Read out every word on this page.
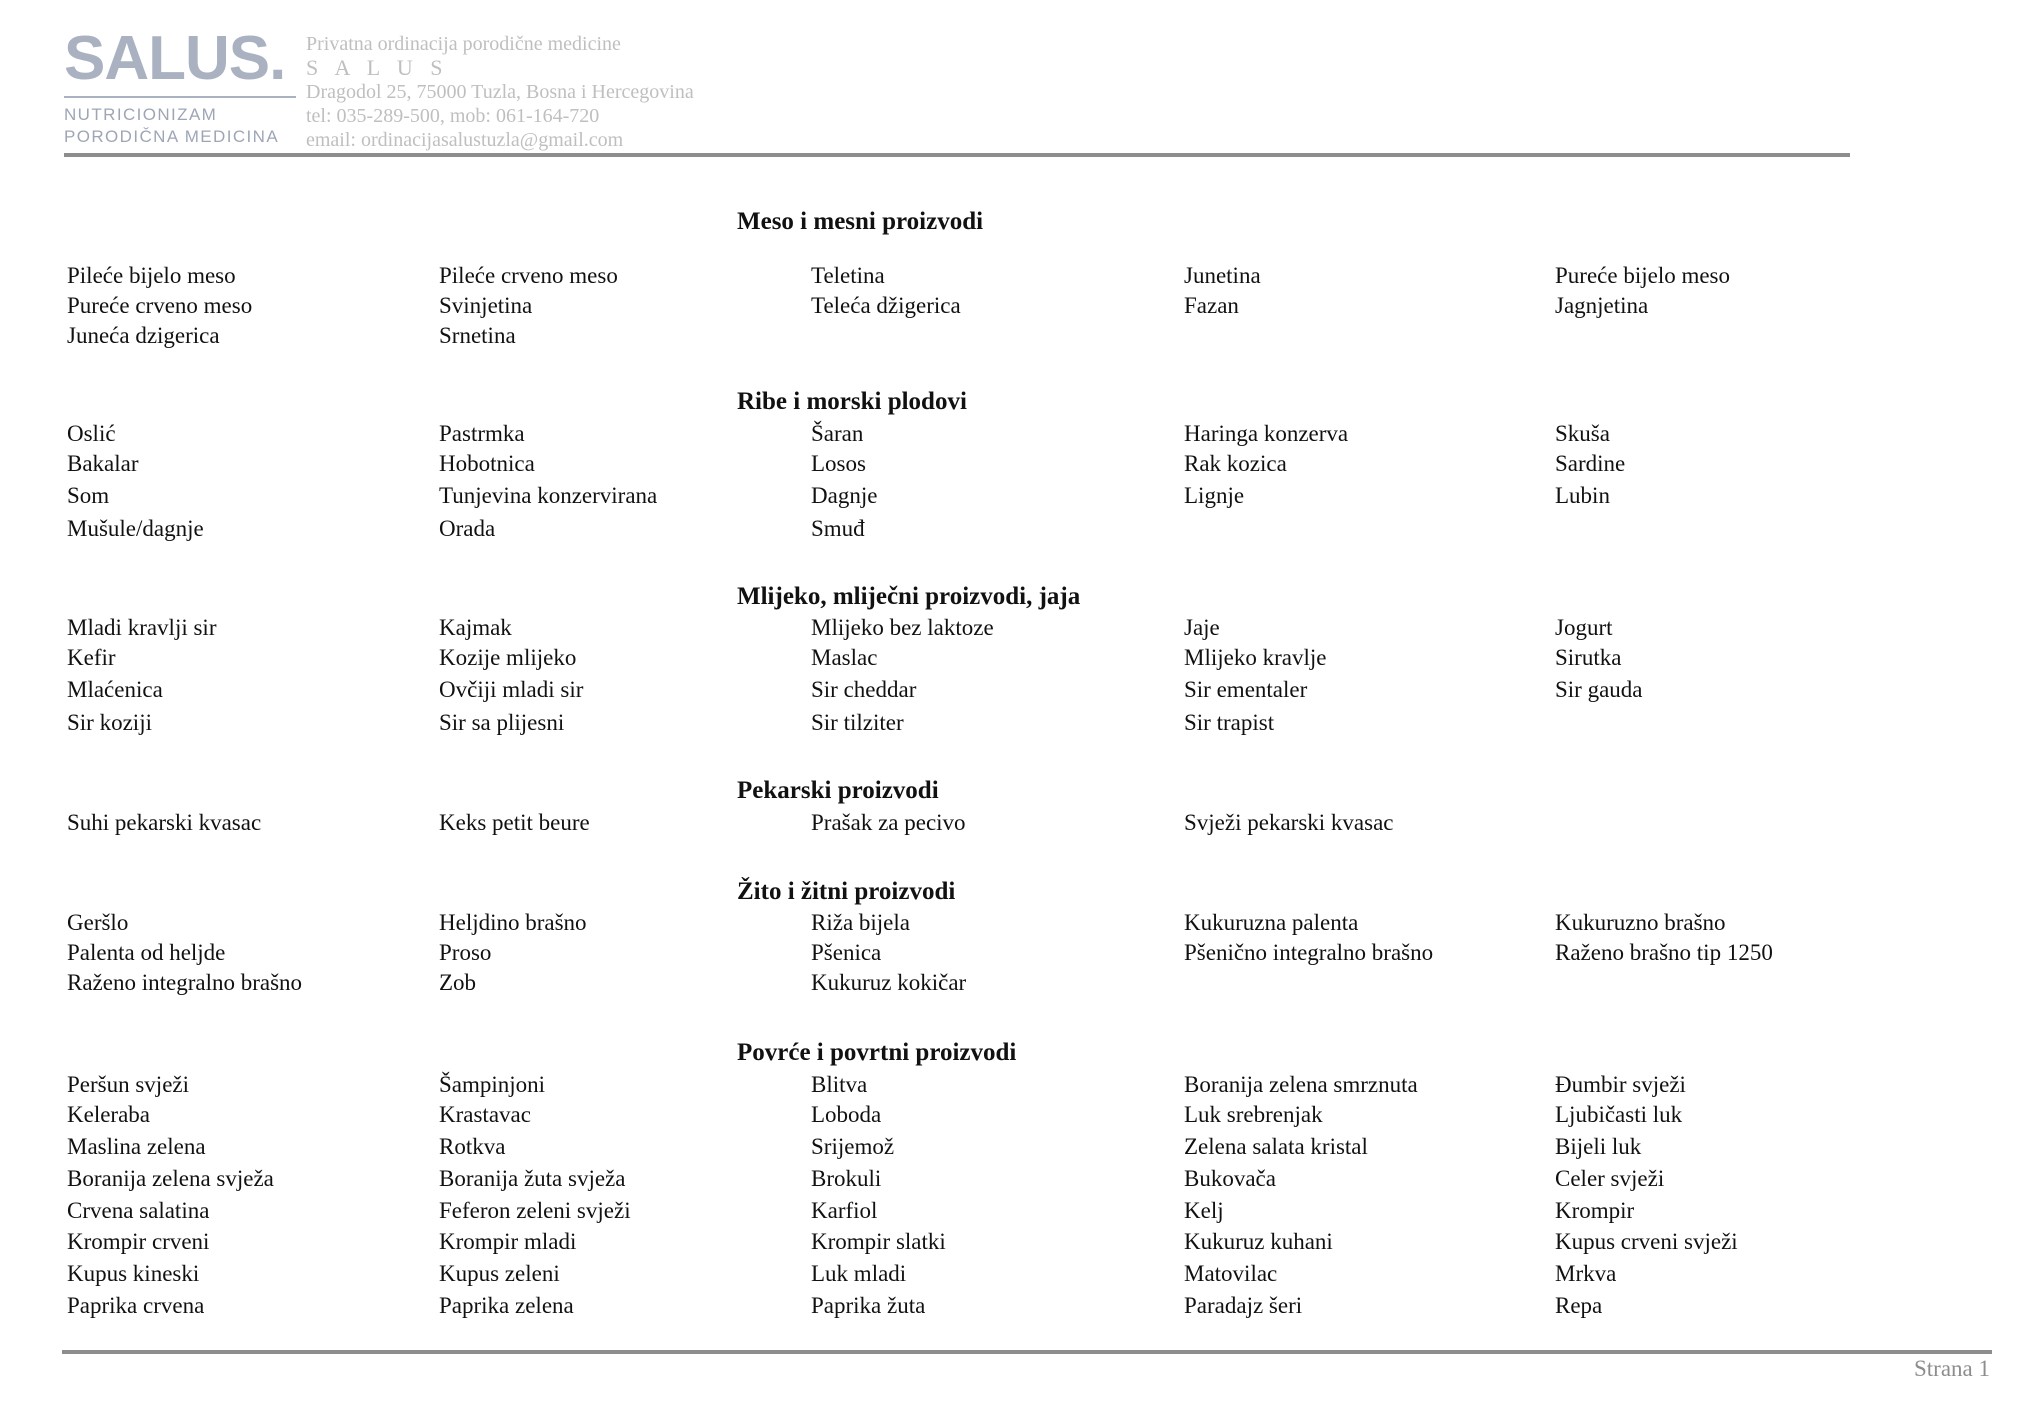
SALUS.
NUTRICIONIZAM
PORODIČNA MEDICINA
Privatna ordinacija porodične medicine
S A L U S
Dragodol 25, 75000 Tuzla, Bosna i Hercegovina
tel: 035-289-500, mob: 061-164-720
email: ordinacijasalustuzla@gmail.com
Meso i mesni proizvodi
Pileće bijelo meso	Pileće crveno meso	Teletina	Junetina	Pureće bijelo meso
Pureće crveno meso	Svinjetina	Teleća džigerica	Fazan	Jagnjetina
Juneća dzigerica	Srnetina
Ribe i morski plodovi
Oslić	Pastrmka	Šaran	Haringa konzerva	Skuša
Bakalar	Hobotnica	Losos	Rak kozica	Sardine
Som	Tunjevina konzervirana	Dagnje	Lignje	Lubin
Mušule/dagnje	Orada	Smuđ
Mlijeko, mliječni proizvodi, jaja
Mladi kravlji sir	Kajmak	Mlijeko bez laktoze	Jaje	Jogurt
Kefir	Kozije mlijeko	Maslac	Mlijeko kravlje	Sirutka
Mlaćenica	Ovčiji mladi sir	Sir cheddar	Sir ementaler	Sir gauda
Sir koziji	Sir sa plijesni	Sir tilziter	Sir trapist
Pekarski proizvodi
Suhi pekarski kvasac	Keks petit beure	Prašak za pecivo	Svježi pekarski kvasac
Žito i žitni proizvodi
Geršlo	Heljdino brašno	Riža bijela	Kukuruzna palenta	Kukuruzno brašno
Palenta od heljde	Proso	Pšenica	Pšenično integralno brašno	Raženo brašno tip 1250
Raženo integralno brašno	Zob	Kukuruz kokičar
Povrće i povrtni proizvodi
Peršun svježi	Šampinjoni	Blitva	Boranija zelena smrznuta	Đumbir svježi
Keleraba	Krastavac	Loboda	Luk srebrenjak	Ljubičasti luk
Maslina zelena	Rotkva	Srijemož	Zelena salata kristal	Bijeli luk
Boranija zelena svježa	Boranija žuta svježa	Brokuli	Bukovača	Celer svježi
Crvena salatina	Feferon zeleni svježi	Karfiol	Kelj	Krompir
Krompir crveni	Krompir mladi	Krompir slatki	Kukuruz kuhani	Kupus crveni svježi
Kupus kineski	Kupus zeleni	Luk mladi	Matovilac	Mrkva
Paprika crvena	Paprika zelena	Paprika žuta	Paradajz šeri	Repa
Strana 1
